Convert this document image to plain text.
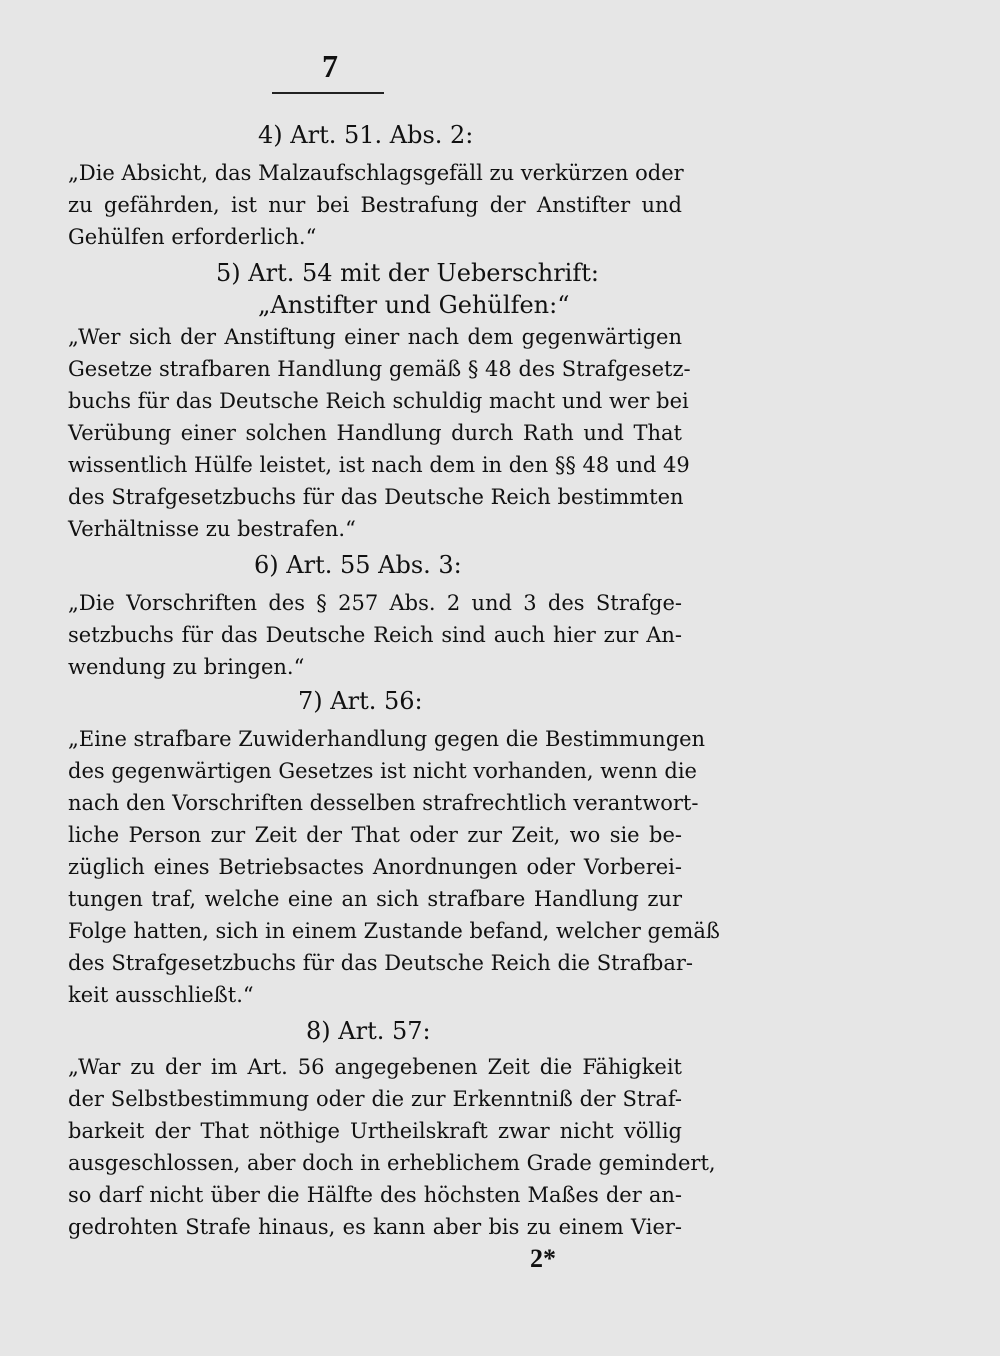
7
4) Art. 51. Abs. 2:
„Die Absicht, das Malzaufschlagsgefäll zu verkürzen oder
zu gefährden, ist nur bei Bestrafung der Anstifter und
Gehülfen erforderlich.“
5) Art. 54 mit der Ueberschrift:
„Anstifter und Gehülfen:“
„Wer sich der Anstiftung einer nach dem gegenwärtigen
Gesetze strafbaren Handlung gemäß § 48 des Strafgesetz-
buchs für das Deutsche Reich schuldig macht und wer bei
Verübung einer solchen Handlung durch Rath und That
wissentlich Hülfe leistet, ist nach dem in den §§ 48 und 49
des Strafgesetzbuchs für das Deutsche Reich bestimmten
Verhältnisse zu bestrafen.“
6) Art. 55 Abs. 3:
„Die Vorschriften des § 257 Abs. 2 und 3 des Strafge-
setzbuchs für das Deutsche Reich sind auch hier zur An-
wendung zu bringen.“
7) Art. 56:
„Eine strafbare Zuwiderhandlung gegen die Bestimmungen
des gegenwärtigen Gesetzes ist nicht vorhanden, wenn die
nach den Vorschriften desselben strafrechtlich verantwort-
liche Person zur Zeit der That oder zur Zeit, wo sie be-
züglich eines Betriebsactes Anordnungen oder Vorberei-
tungen traf, welche eine an sich strafbare Handlung zur
Folge hatten, sich in einem Zustande befand, welcher gemäß
des Strafgesetzbuchs für das Deutsche Reich die Strafbar-
keit ausschließt.“
8) Art. 57:
„War zu der im Art. 56 angegebenen Zeit die Fähigkeit
der Selbstbestimmung oder die zur Erkenntniß der Straf-
barkeit der That nöthige Urtheilskraft zwar nicht völlig
ausgeschlossen, aber doch in erheblichem Grade gemindert,
so darf nicht über die Hälfte des höchsten Maßes der an-
gedrohten Strafe hinaus, es kann aber bis zu einem Vier-
2*
